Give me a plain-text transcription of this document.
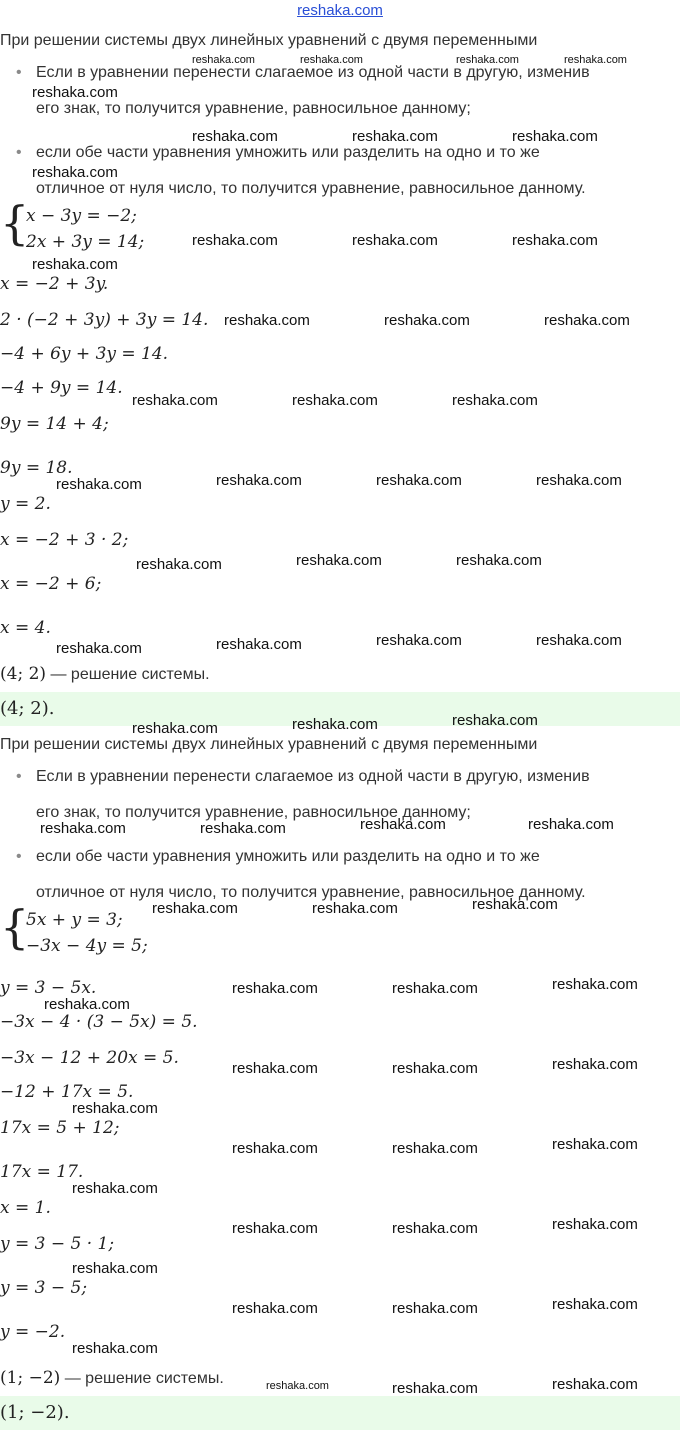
reshaka.com
При решении системы двух линейных уравнений с двумя переменными
• Если в уравнении перенести слагаемое из одной части в другую, изменив
его знак, то получится уравнение, равносильное данному;
• если обе части уравнения умножить или разделить на одно и то же
отличное от нуля число, то получится уравнение, равносильное данному.
{
x − 3y = −2;
2x + 3y = 14;
x = −2 + 3y.
2 · (−2 + 3y) + 3y = 14.
−4 + 6y + 3y = 14.
−4 + 9y = 14.
9y = 14 + 4;
9y = 18.
y = 2.
x = −2 + 3 · 2;
x = −2 + 6;
x = 4.
(4; 2) — решение системы.
(4; 2).
При решении системы двух линейных уравнений с двумя переменными
• Если в уравнении перенести слагаемое из одной части в другую, изменив
его знак, то получится уравнение, равносильное данному;
• если обе части уравнения умножить или разделить на одно и то же
отличное от нуля число, то получится уравнение, равносильное данному.
{
5x + y = 3;
−3x − 4y = 5;
y = 3 − 5x.
−3x − 4 · (3 − 5x) = 5.
−3x − 12 + 20x = 5.
−12 + 17x = 5.
17x = 5 + 12;
17x = 17.
x = 1.
y = 3 − 5 · 1;
y = 3 − 5;
y = −2.
(1; −2) — решение системы.
(1; −2).
reshaka.com	reshaka.com	reshaka.com	reshaka.com
reshaka.com
reshaka.com	reshaka.com	reshaka.com
reshaka.com
reshaka.com	reshaka.com	reshaka.com
reshaka.com
reshaka.com	reshaka.com	reshaka.com
reshaka.com	reshaka.com	reshaka.com
reshaka.com	reshaka.com	reshaka.com	reshaka.com
reshaka.com	reshaka.com	reshaka.com
reshaka.com	reshaka.com	reshaka.com	reshaka.com
reshaka.com	reshaka.com	reshaka.com
reshaka.com	reshaka.com	reshaka.com	reshaka.com
reshaka.com	reshaka.com	reshaka.com
reshaka.com	reshaka.com	reshaka.com
reshaka.com
reshaka.com	reshaka.com	reshaka.com
reshaka.com
reshaka.com	reshaka.com	reshaka.com
reshaka.com
reshaka.com	reshaka.com	reshaka.com
reshaka.com
reshaka.com	reshaka.com	reshaka.com
reshaka.com
reshaka.com	reshaka.com	reshaka.com
